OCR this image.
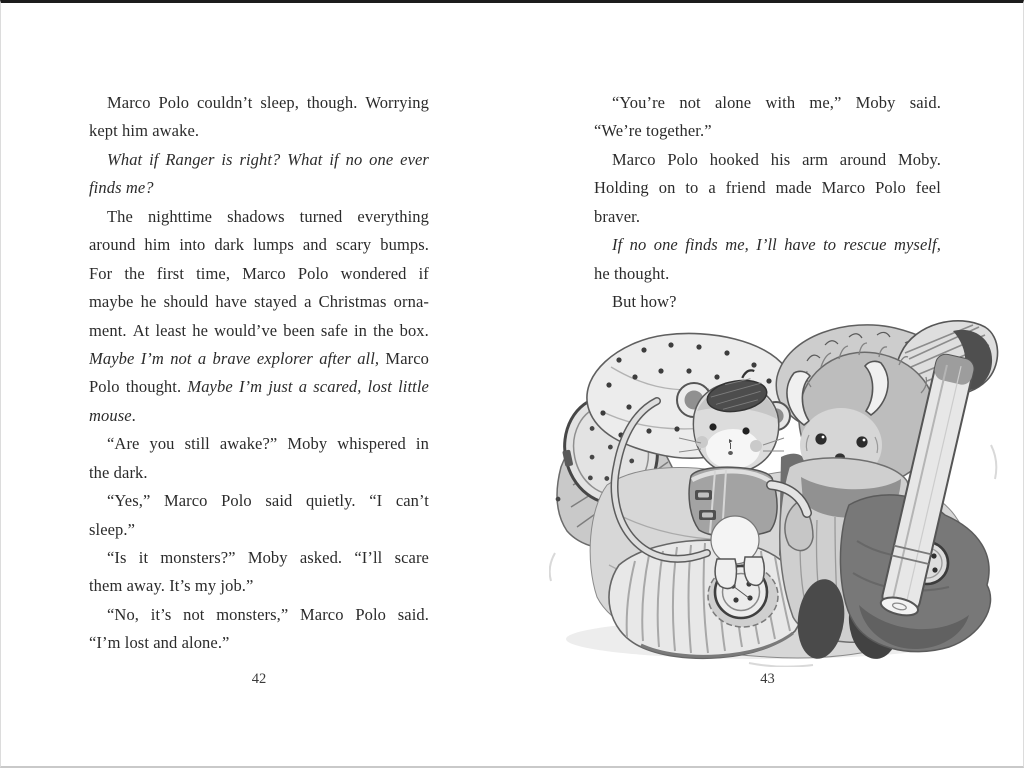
Marco Polo couldn’t sleep, though. Worrying
kept him awake.
What if Ranger is right? What if no one ever
finds me?
The nighttime shadows turned everything
around him into dark lumps and scary bumps.
For the first time, Marco Polo wondered if
maybe he should have stayed a Christmas orna-
ment. At least he would’ve been safe in the box.
Maybe I’m not a brave explorer after all, Marco
Polo thought. Maybe I’m just a scared, lost little
mouse.
“Are you still awake?” Moby whispered in
the dark.
“Yes,” Marco Polo said quietly. “I can’t
sleep.”
“Is it monsters?” Moby asked. “I’ll scare
them away. It’s my job.”
“No, it’s not monsters,” Marco Polo said.
“I’m lost and alone.”
“You’re not alone with me,” Moby said.
“We’re together.”
Marco Polo hooked his arm around Moby.
Holding on to a friend made Marco Polo feel
braver.
If no one finds me, I’ll have to rescue myself,
he thought.
But how?
42	43
